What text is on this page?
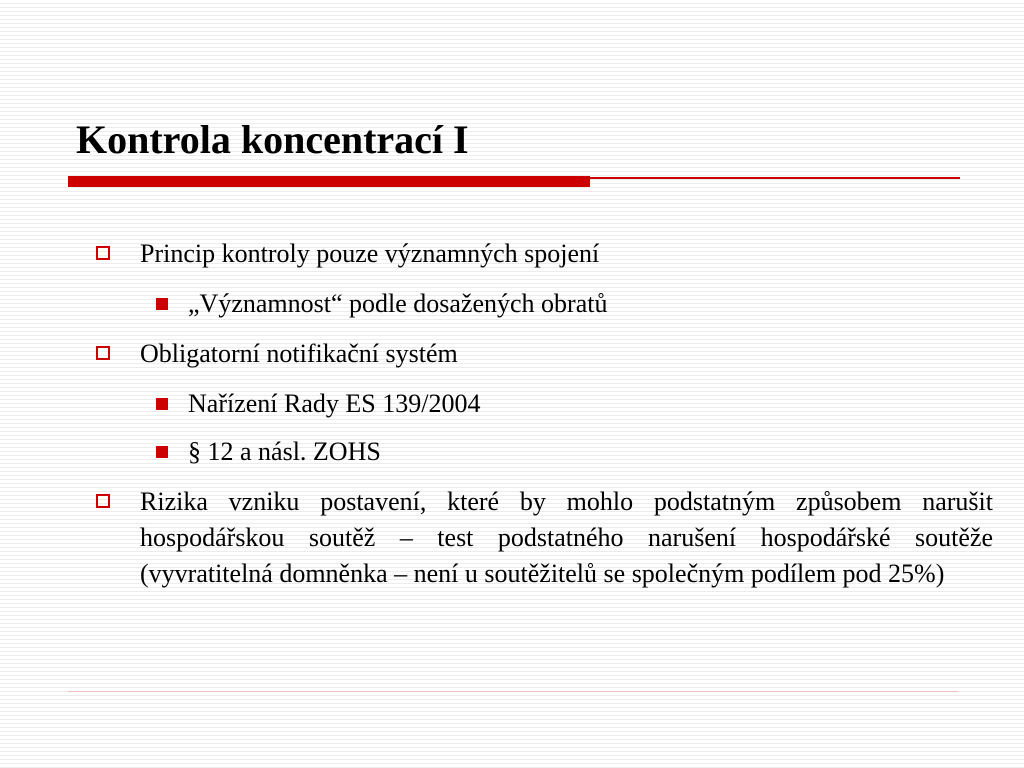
Kontrola koncentrací I
Princip kontroly pouze významných spojení
„Významnost“ podle dosažených obratů
Obligatorní notifikační systém
Nařízení Rady ES 139/2004
§ 12 a násl. ZOHS
Rizika vzniku postavení, které by mohlo podstatným způsobem narušit hospodářskou soutěž – test podstatného narušení hospodářské soutěže (vyvratitelná domněnka – není u soutěžitelů se společným podílem pod 25%)
